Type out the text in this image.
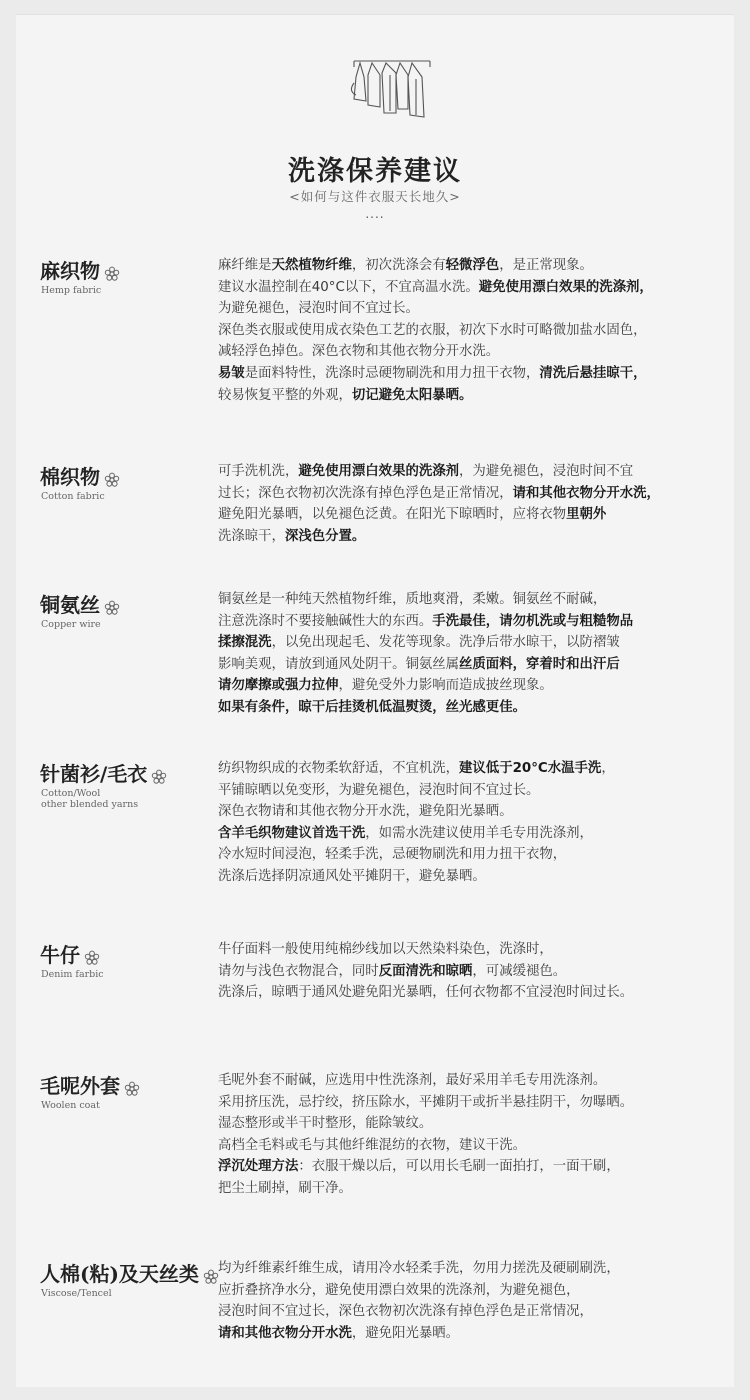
洗涤保养建议
<如何与这件衣服天长地久>
....
麻织物
Hemp fabric

麻纤维是天然植物纤维，初次洗涤会有轻微浮色，是正常现象。

建议水温控制在40°C以下，不宜高温水洗。避免使用漂白效果的洗涤剂，

为避免褪色，浸泡时间不宜过长。

深色类衣服或使用成衣染色工艺的衣服，初次下水时可略微加盐水固色，

减轻浮色掉色。深色衣物和其他衣物分开水洗。

易皱是面料特性，洗涤时忌硬物刷洗和用力扭干衣物，清洗后悬挂晾干，

较易恢复平整的外观，切记避免太阳暴晒。

棉织物
Cotton fabric

可手洗机洗，避免使用漂白效果的洗涤剂，为避免褪色，浸泡时间不宜

过长；深色衣物初次洗涤有掉色浮色是正常情况，请和其他衣物分开水洗，

避免阳光暴晒，以免褪色泛黄。在阳光下晾晒时，应将衣物里朝外

洗涤晾干，深浅色分置。

铜氨丝
Copper wire

铜氨丝是一种纯天然植物纤维，质地爽滑，柔嫩。铜氨丝不耐碱，

注意洗涤时不要接触碱性大的东西。手洗最佳，请勿机洗或与粗糙物品

揉擦混洗，以免出现起毛、发花等现象。洗净后带水晾干，以防褶皱

影响美观，请放到通风处阴干。铜氨丝属丝质面料，穿着时和出汗后

请勿摩擦或强力拉伸，避免受外力影响而造成披丝现象。

如果有条件，晾干后挂烫机低温熨烫，丝光感更佳。

针菌衫/毛衣
Cotton/Wool
other blended yarns

纺织物织成的衣物柔软舒适，不宜机洗，建议低于20°C水温手洗，

平铺晾晒以免变形，为避免褪色，浸泡时间不宜过长。

深色衣物请和其他衣物分开水洗，避免阳光暴晒。

含羊毛织物建议首选干洗，如需水洗建议使用羊毛专用洗涤剂，

冷水短时间浸泡，轻柔手洗，忌硬物刷洗和用力扭干衣物，

洗涤后选择阴凉通风处平摊阴干，避免暴晒。

牛仔
Denim farbic

牛仔面料一般使用纯棉纱线加以天然染料染色，洗涤时，

请勿与浅色衣物混合，同时反面清洗和晾晒，可减缓褪色。

洗涤后，晾晒于通风处避免阳光暴晒，任何衣物都不宜浸泡时间过长。

毛呢外套
Woolen coat

毛呢外套不耐碱，应选用中性洗涤剂，最好采用羊毛专用洗涤剂。

采用挤压洗，忌拧绞，挤压除水，平摊阴干或折半悬挂阴干，勿曝晒。

湿态整形或半干时整形，能除皱纹。

高档全毛料或毛与其他纤维混纺的衣物，建议干洗。

浮沉处理方法：衣服干燥以后，可以用长毛刷一面拍打，一面干刷，

把尘土刷掉，刷干净。

人棉(粘)及天丝类
Viscose/Tencel

均为纤维素纤维生成，请用冷水轻柔手洗，勿用力搓洗及硬刷刷洗，

应折叠挤净水分，避免使用漂白效果的洗涤剂，为避免褪色，

浸泡时间不宜过长，深色衣物初次洗涤有掉色浮色是正常情况，

请和其他衣物分开水洗，避免阳光暴晒。
